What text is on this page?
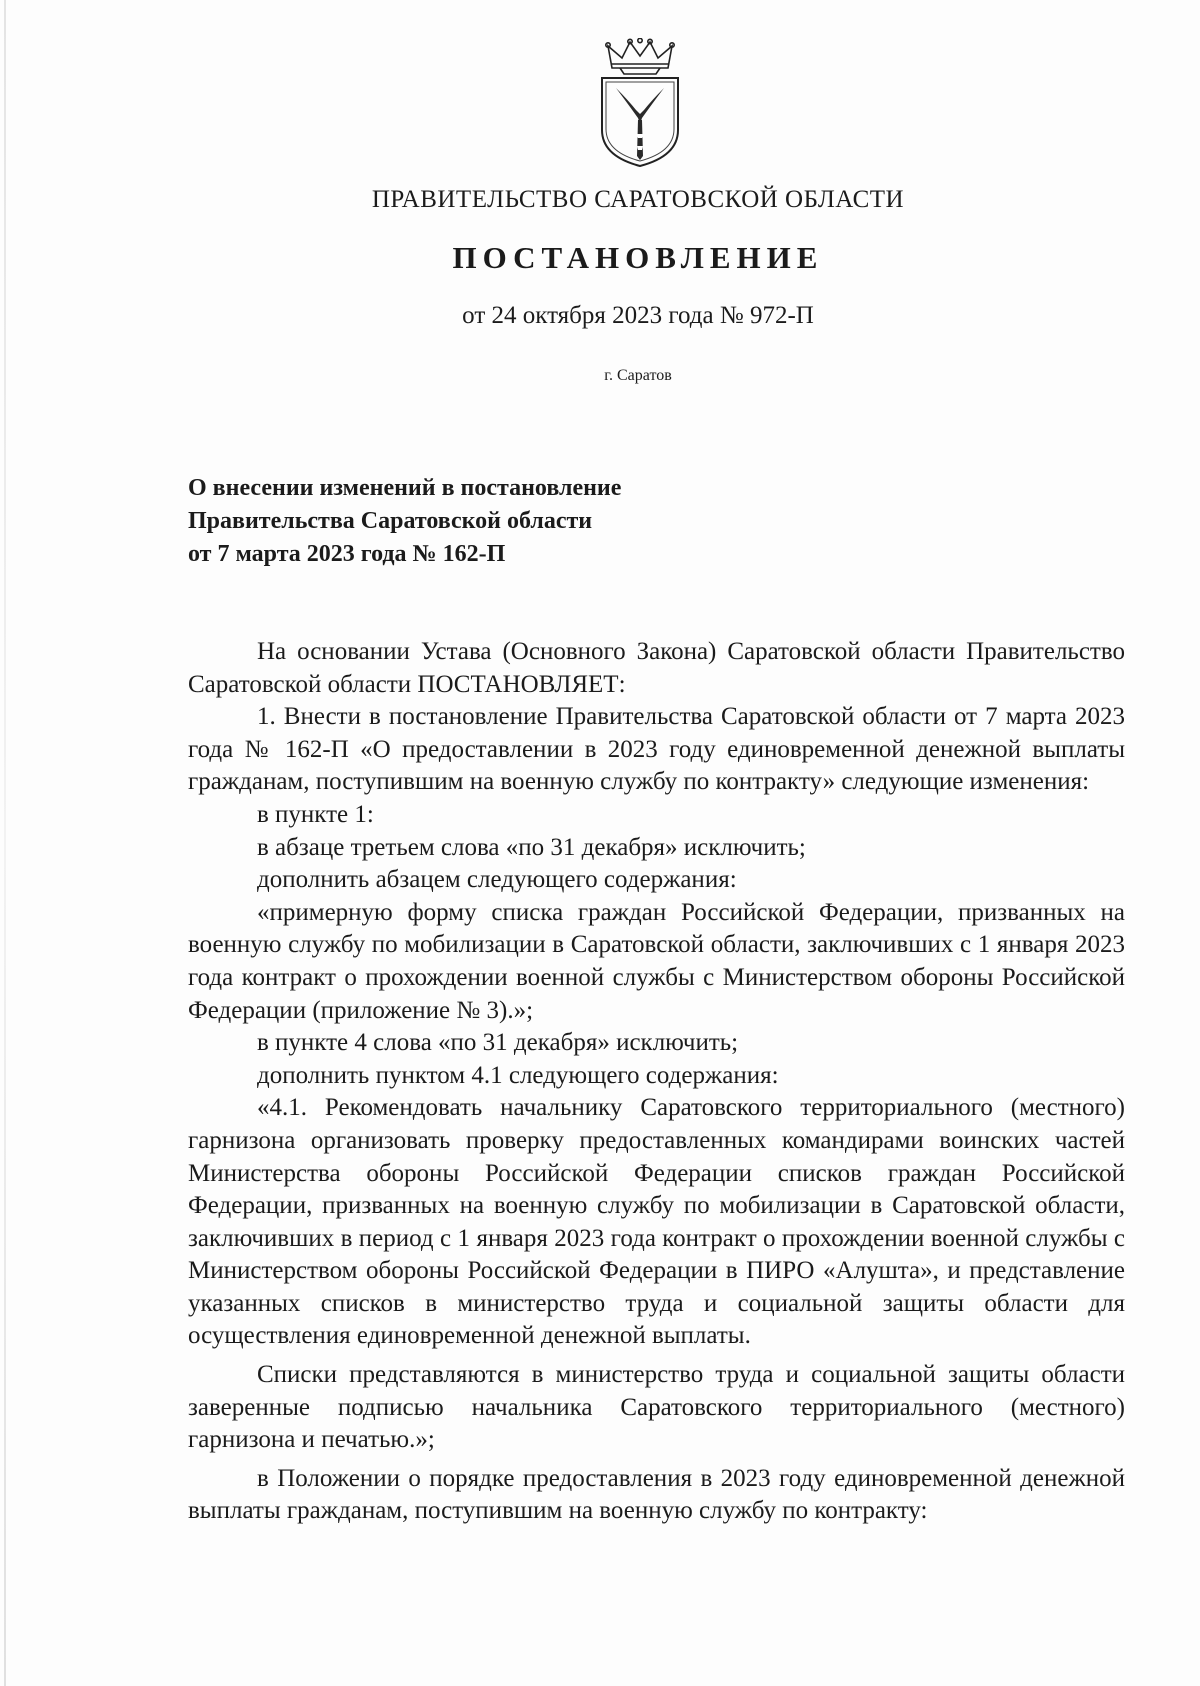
ПРАВИТЕЛЬСТВО САРАТОВСКОЙ ОБЛАСТИ
ПОСТАНОВЛЕНИЕ
от 24 октября 2023 года № 972-П
г. Саратов
О внесении изменений в постановление
Правительства Саратовской области
от 7 марта 2023 года № 162-П

На основании Устава (Основного Закона) Саратовской области Правительство Саратовской области ПОСТАНОВЛЯЕТ:

1. Внести в постановление Правительства Саратовской области от 7 марта 2023 года № 162-П «О предоставлении в 2023 году единовременной денежной выплаты гражданам, поступившим на военную службу по контракту» следующие изменения:

в пункте 1:

в абзаце третьем слова «по 31 декабря» исключить;

дополнить абзацем следующего содержания:

«примерную форму списка граждан Российской Федерации, призванных на военную службу по мобилизации в Саратовской области, заключивших с 1 января 2023 года контракт о прохождении военной службы с Министерством обороны Российской Федерации (приложение № 3).»;

в пункте 4 слова «по 31 декабря» исключить;

дополнить пунктом 4.1 следующего содержания:

«4.1. Рекомендовать начальнику Саратовского территориального (местного) гарнизона организовать проверку предоставленных командирами воинских частей Министерства обороны Российской Федерации списков граждан Российской Федерации, призванных на военную службу по мобилизации в Саратовской области, заключивших в период с 1 января 2023 года контракт о прохождении военной службы с Министерством обороны Российской Федерации в ПИРО «Алушта», и представление указанных списков в министерство труда и социальной защиты области для осуществления единовременной денежной выплаты.

Списки представляются в министерство труда и социальной защиты области заверенные подписью начальника Саратовского территориального (местного) гарнизона и печатью.»;

в Положении о порядке предоставления в 2023 году единовременной денежной выплаты гражданам, поступившим на военную службу по контракту:
